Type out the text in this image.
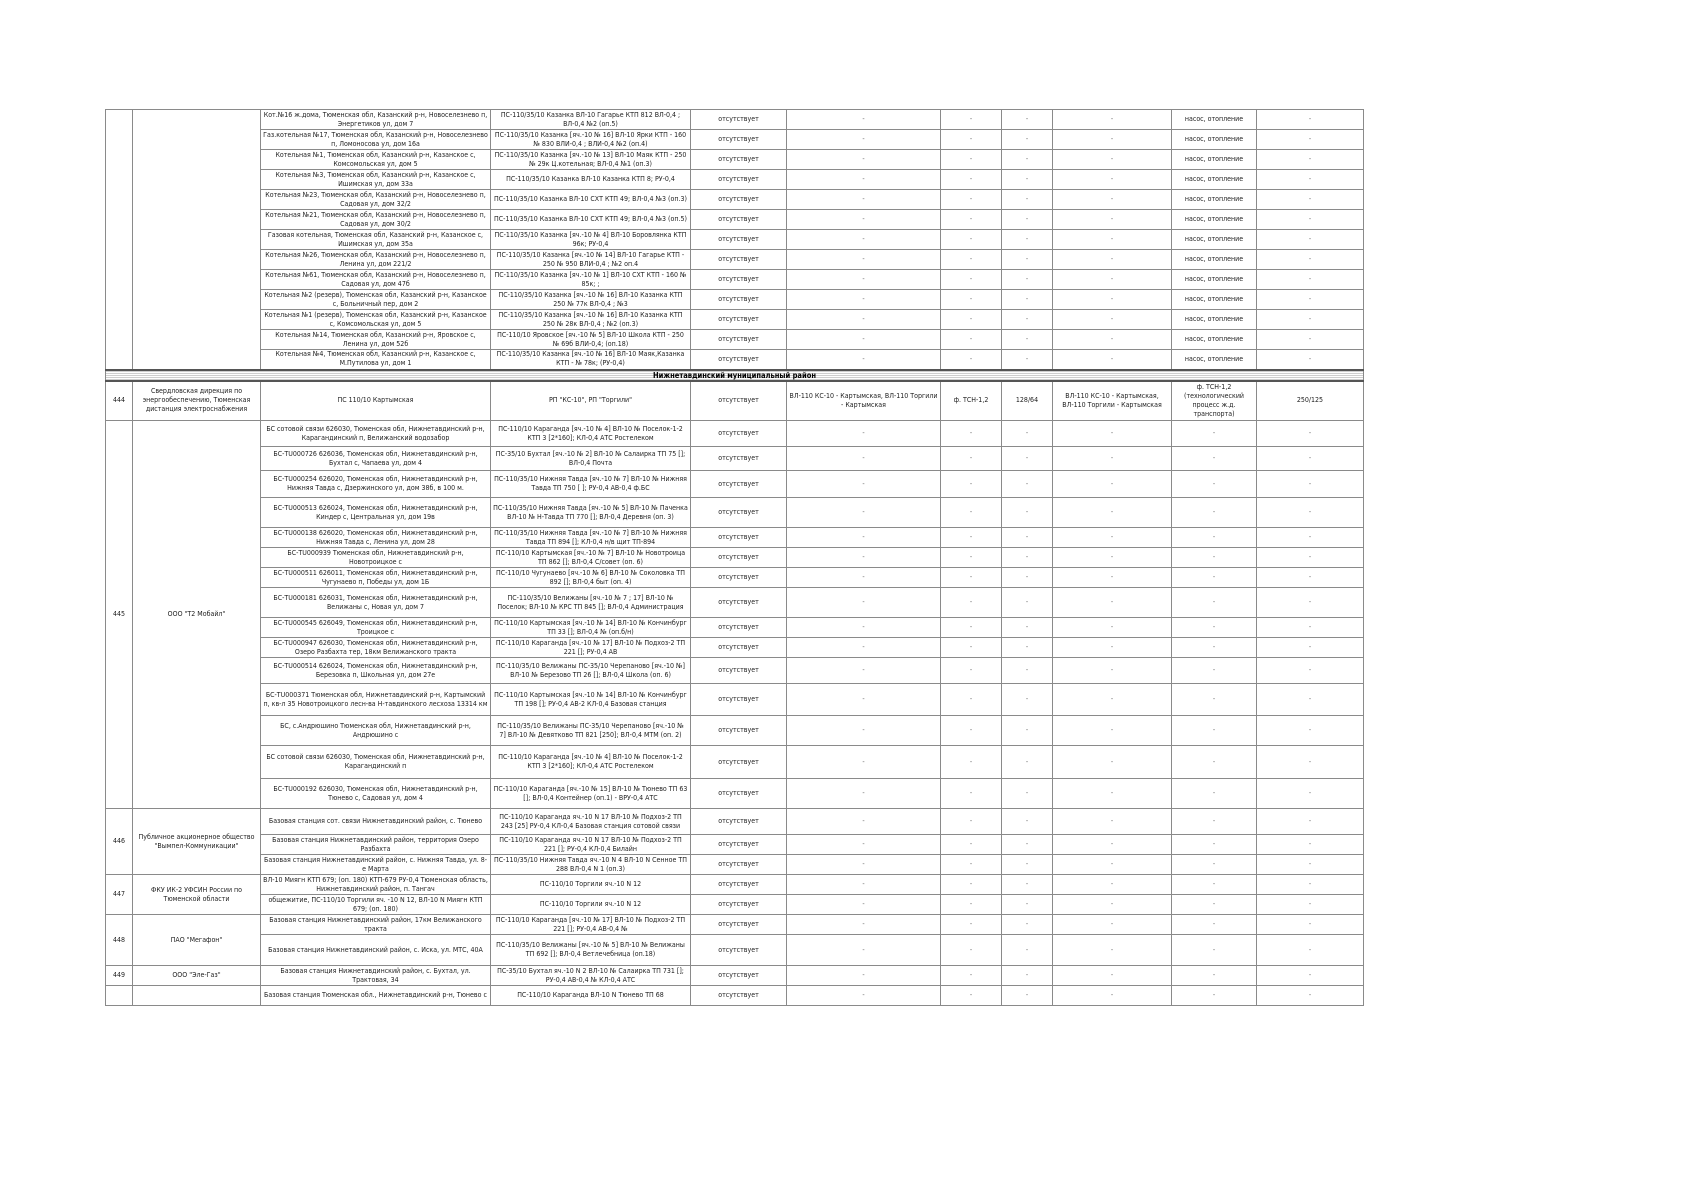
		Кот.№16 ж.дома, Тюменская обл, Казанский р-н, Новоселезнево п, Энергетиков ул, дом 7	ПС-110/35/10 Казанка ВЛ-10 Гагарье КТП 812 ВЛ-0,4 ; ВЛ-0,4 №2 (оп.5)	отсутствует	-	-	-	-	насос, отопление	-
		Газ.котельная №17, Тюменская обл, Казанский р-н, Новоселезнево п, Ломоносова ул, дом 16а	ПС-110/35/10 Казанка [яч.-10 № 16] ВЛ-10 Ярки КТП - 160 № 830 ВЛИ-0,4 ; ВЛИ-0,4 №2 (оп.4)	отсутствует	-	-	-	-	насос, отопление	-
		Котельная №1, Тюменская обл, Казанский р-н, Казанское с, Комсомольская ул, дом 5	ПС-110/35/10 Казанка [яч.-10 № 13] ВЛ-10 Маяк КТП - 250 № 29к Ц.котельная; ВЛ-0,4 №1 (оп.3)	отсутствует	-	-	-	-	насос, отопление	-
		Котельная №3, Тюменская обл, Казанский р-н, Казанское с, Ишимская ул, дом 33а	ПС-110/35/10 Казанка ВЛ-10 Казанка КТП 8; РУ-0,4	отсутствует	-	-	-	-	насос, отопление	-
		Котельная №23, Тюменская обл, Казанский р-н, Новоселезнево п, Садовая ул, дом 32/2	ПС-110/35/10 Казанка ВЛ-10 СХТ КТП 49; ВЛ-0,4 №3 (оп.3)	отсутствует	-	-	-	-	насос, отопление	-
		Котельная №21, Тюменская обл, Казанский р-н, Новоселезнево п, Садовая ул, дом 30/2	ПС-110/35/10 Казанка ВЛ-10 СХТ КТП 49; ВЛ-0,4 №3 (оп.5)	отсутствует	-	-	-	-	насос, отопление	-
		Газовая котельная, Тюменская обл, Казанский р-н, Казанское с, Ишимская ул, дом 35а	ПС-110/35/10 Казанка [яч.-10 № 4] ВЛ-10 Боровлянка КТП 96к; РУ-0,4	отсутствует	-	-	-	-	насос, отопление	-
		Котельная №26, Тюменская обл, Казанский р-н, Новоселезнево п, Ленина ул, дом 221/2	ПС-110/35/10 Казанка [яч.-10 № 14] ВЛ-10 Гагарье КТП - 250 № 950 ВЛИ-0,4 ; №2 оп.4	отсутствует	-	-	-	-	насос, отопление	-
		Котельная №61, Тюменская обл, Казанский р-н, Новоселезнево п, Садовая ул, дом 47б	ПС-110/35/10 Казанка [яч.-10 № 1] ВЛ-10 СХТ КТП - 160 № 85к; ;	отсутствует	-	-	-	-	насос, отопление	-
		Котельная №2 (резерв), Тюменская обл, Казанский р-н, Казанское с, Больничный пер, дом 2	ПС-110/35/10 Казанка [яч.-10 № 16] ВЛ-10 Казанка КТП 250 № 77к ВЛ-0,4 ; №3	отсутствует	-	-	-	-	насос, отопление	-
		Котельная №1 (резерв), Тюменская обл, Казанский р-н, Казанское с, Комсомольская ул, дом 5	ПС-110/35/10 Казанка [яч.-10 № 16] ВЛ-10 Казанка КТП 250 № 28к ВЛ-0,4 ; №2 (оп.3)	отсутствует	-	-	-	-	насос, отопление	-
		Котельная №14, Тюменская обл, Казанский р-н, Яровское с, Ленина ул, дом 52б	ПС-110/10 Яровское [яч.-10 № 5] ВЛ-10 Школа КТП - 250 № 69б ВЛИ-0,4; (оп.18)	отсутствует	-	-	-	-	насос, отопление	-
		Котельная №4, Тюменская обл, Казанский р-н, Казанское с, М.Путилова ул, дом 1	ПС-110/35/10 Казанка [яч.-10 № 16] ВЛ-10 Маяк,Казанка КТП - № 78к; (РУ-0,4)	отсутствует	-	-	-	-	насос, отопление	-
Нижнетавдинский муниципальный район										
444	Свердловская дирекция по энергообеспечению, Тюменская дистанция электроснабжения	ПС 110/10 Картымская	РП "КС-10", РП "Торгили"	отсутствует	ВЛ-110 КС-10 - Картымская, ВЛ-110 Торгили - Картымская	ф. ТСН-1,2	128/64	ВЛ-110 КС-10 - Картымская, ВЛ-110 Торгили - Картымская	ф. ТСН-1,2 (технологический процесс ж.д. транспорта)	250/125
445	ООО "Т2 Мобайл"	БС сотовой связи 626030, Тюменская обл, Нижнетавдинский р-н, Карагандинский п, Велижанский водозабор	ПС-110/10 Караганда [яч.-10 № 4] ВЛ-10 № Поселок-1-2 КТП 3 [2*160]; КЛ-0,4 АТС Ростелеком	отсутствует	-	-	-	-	-	-
		БС-TU000726 626036, Тюменская обл, Нижнетавдинский р-н, Бухтал с, Чапаева ул, дом 4	ПС-35/10 Бухтал [яч.-10 № 2] ВЛ-10 № Салаирка ТП 75 []; ВЛ-0,4 Почта	отсутствует	-	-	-	-	-	-
		БС-TU000254 626020, Тюменская обл, Нижнетавдинский р-н, Нижняя Тавда с, Дзержинского ул, дом 38б, в 100 м.	ПС-110/35/10 Нижняя Тавда [яч.-10 № 7] ВЛ-10 № Нижняя Тавда ТП 750 [ ]; РУ-0,4 АВ-0,4 ф.БС	отсутствует	-	-	-	-	-	-
		БС-TU000513 626024, Тюменская обл, Нижнетавдинский р-н, Киндер с, Центральная ул, дом 19в	ПС-110/35/10 Нижняя Тавда [яч.-10 № 5] ВЛ-10 № Паченка ВЛ-10 № Н-Тавда ТП 770 []; ВЛ-0,4 Деревня (оп. 3)	отсутствует	-	-	-	-	-	-
		БС-TU000138 626020, Тюменская обл, Нижнетавдинский р-н, Нижняя Тавда с, Ленина ул, дом 28	ПС-110/35/10 Нижняя Тавда [яч.-10 № 7] ВЛ-10 № Нижняя Тавда ТП 894 []; КЛ-0,4 н/в щит ТП-894	отсутствует	-	-	-	-	-	-
		БС-TU000939 Тюменская обл, Нижнетавдинский р-н, Новотроицкое с	ПС-110/10 Картымская [яч.-10 № 7] ВЛ-10 № Новотроица ТП 862 []; ВЛ-0,4 С/совет (оп. 6)	отсутствует	-	-	-	-	-	-
		БС-TU000511 626011, Тюменская обл, Нижнетавдинский р-н, Чугунаево п, Победы ул, дом 1Б	ПС-110/10 Чугунаево [яч.-10 № 6] ВЛ-10 № Соколовка ТП 892 []; ВЛ-0,4 быт (оп. 4)	отсутствует	-	-	-	-	-	-
		БС-TU000181 626031, Тюменская обл, Нижнетавдинский р-н, Велижаны с, Новая ул, дом 7	ПС-110/35/10 Велижаны [яч.-10 № 7 ; 17] ВЛ-10 № Поселок; ВЛ-10 № КРС ТП 845 []; ВЛ-0,4 Администрация	отсутствует	-	-	-	-	-	-
		БС-TU000545 626049, Тюменская обл, Нижнетавдинский р-н, Троицкое с	ПС-110/10 Картымская [яч.-10 № 14] ВЛ-10 № Кончинбург ТП 33 []; ВЛ-0,4 № (оп.б/н)	отсутствует	-	-	-	-	-	-
		БС-TU000947 626030, Тюменская обл, Нижнетавдинский р-н, Озеро Разбахта тер, 18км Велижанского тракта	ПС-110/10 Караганда [яч.-10 № 17] ВЛ-10 № Подхоз-2 ТП 221 []; РУ-0,4 АВ	отсутствует	-	-	-	-	-	-
		БС-TU000514 626024, Тюменская обл, Нижнетавдинский р-н, Березовка п, Школьная ул, дом 27е	ПС-110/35/10 Велижаны ПС-35/10 Черепаново [яч.-10 №] ВЛ-10 № Березово ТП 26 []; ВЛ-0,4 Школа (оп. 6)	отсутствует	-	-	-	-	-	-
		БС-TU000371 Тюменская обл, Нижнетавдинский р-н, Картымский п, кв-л 35 Новотроицкого лесн-ва Н-тавдинского лесхоза 13314 км	ПС-110/10 Картымская [яч.-10 № 14] ВЛ-10 № Кончинбург ТП 198 []; РУ-0,4 АВ-2 КЛ-0,4 Базовая станция	отсутствует	-	-	-	-	-	-
		БС, с.Андрюшино Тюменская обл, Нижнетавдинский р-н, Андрюшино с	ПС-110/35/10 Велижаны ПС-35/10 Черепаново [яч.-10 № 7] ВЛ-10 № Девятково ТП 821 [250]; ВЛ-0,4 МТМ (оп. 2)	отсутствует	-	-	-	-	-	-
		БС сотовой связи 626030, Тюменская обл, Нижнетавдинский р-н, Карагандинский п	ПС-110/10 Караганда [яч.-10 № 4] ВЛ-10 № Поселок-1-2 КТП 3 [2*160]; КЛ-0,4 АТС Ростелеком	отсутствует	-	-	-	-	-	-
		БС-TU000192 626030, Тюменская обл, Нижнетавдинский р-н, Тюнево с, Садовая ул, дом 4	ПС-110/10 Караганда [яч.-10 № 15] ВЛ-10 № Тюнево ТП 63 []; ВЛ-0,4 Контейнер (оп.1) - ВРУ-0,4 АТС	отсутствует	-	-	-	-	-	-
446	Публичное акционерное общество "Вымпел-Коммуникации"	Базовая станция сот. связи Нижнетавдинский район, с. Тюнево	ПС-110/10 Караганда яч.-10 N 17 ВЛ-10 № Подхоз-2 ТП 243 [25] РУ-0,4 КЛ-0,4 Базовая станция сотовой связи	отсутствует	-	-	-	-	-	-
		Базовая станция Нижнетавдинский район, территория Озеро Разбахта	ПС-110/10 Караганда яч.-10 N 17 ВЛ-10 № Подхоз-2 ТП 221 []; РУ-0,4 КЛ-0,4 Билайн	отсутствует	-	-	-	-	-	-
		Базовая станция Нижнетавдинский район, с. Нижняя Тавда, ул. 8-е Марта	ПС-110/35/10 Нижняя Тавда яч.-10 N 4 ВЛ-10 N Сенное ТП 288 ВЛ-0,4 N 1 (оп.3)	отсутствует	-	-	-	-	-	-
447	ФКУ ИК-2 УФСИН России по Тюменской области	ВЛ-10 Миягн КТП 679; (оп. 180) КТП-679 РУ-0,4 Тюменская область, Нижнетавдинский район, п. Тангач	ПС-110/10 Торгили яч.-10 N 12	отсутствует	-	-	-	-	-	-
		общежитие, ПС-110/10 Торгили яч. -10 N 12, ВЛ-10 N Миягн КТП 679; (оп. 180)	ПС-110/10 Торгили яч.-10 N 12	отсутствует	-	-	-	-	-	-
448	ПАО "Мегафон"	Базовая станция Нижнетавдинский район, 17км Велижанского тракта	ПС-110/10 Караганда [яч.-10 № 17] ВЛ-10 № Подхоз-2 ТП 221 []; РУ-0,4 АВ-0,4 №	отсутствует	-	-	-	-	-	-
		Базовая станция Нижнетавдинский район, с. Иска, ул. МТС, 40А	ПС-110/35/10 Велижаны [яч.-10 № 5] ВЛ-10 № Велижаны ТП 692 []; ВЛ-0,4 Ветлечебница (оп.18)	отсутствует	-	-	-	-	-	-
449	ООО "Эле-Газ"	Базовая станция Нижнетавдинский район, с. Бухтал, ул. Трактовая, 34	ПС-35/10 Бухтал яч.-10 N 2 ВЛ-10 № Салаирка ТП 731 []; РУ-0,4 АВ-0,4 № КЛ-0,4 АТС	отсутствует	-	-	-	-	-	-
		Базовая станция Тюменская обл., Нижнетавдинский р-н, Тюнево с	ПС-110/10 Караганда ВЛ-10 N Тюнево ТП 68	отсутствует	-	-	-	-	-	-
